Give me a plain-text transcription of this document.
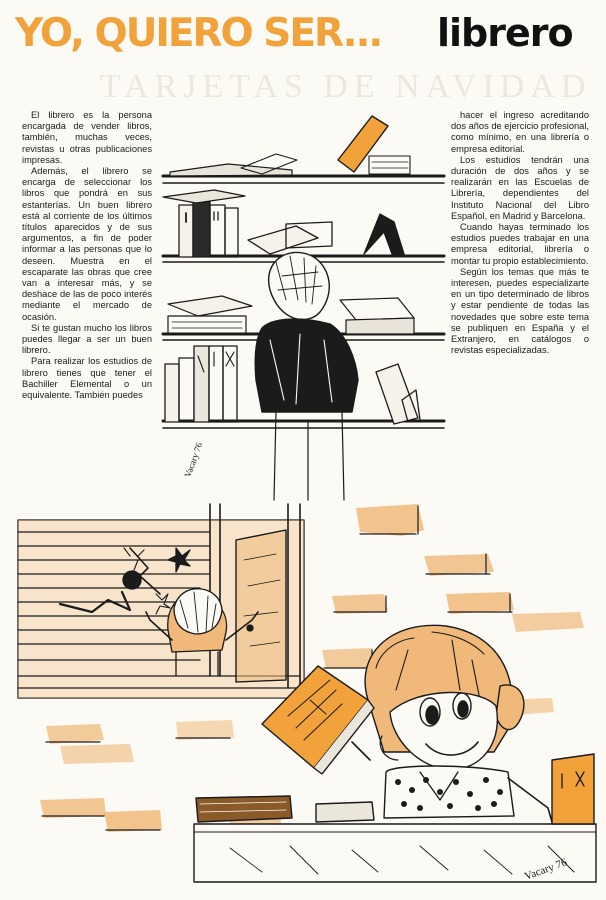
TARJETAS DE NAVIDAD
YO, QUIERO SER... librero

El librero es la persona encargada de vender libros, también, muchas veces, revistas u otras publicaciones impresas.

Además, el librero se encarga de seleccionar los libros que pondrá en sus estanterías. Un buen librero está al corriente de los últimos títulos aparecidos y de sus argumentos, a fin de poder informar a las personas que lo deseen. Muestra en el escaparate las obras que cree van a interesar más, y se deshace de las de poco interés mediante el mercado de ocasión.

Si te gustan mucho los libros puedes llegar a ser un buen librero.

Para realizar los estudios de librero tienes que tener el Bachiller Elemental o un equivalente. También puedes

hacer el ingreso acreditando dos años de ejercicio profesional, como mínimo, en una librería o empresa editorial.

Los estudios tendrán una duración de dos años y se realizarán en las Escuelas de Librería, dependientes del Instituto Nacional del Libro Español, en Madrid y Barcelona.

Cuando hayas terminado los estudios puedes trabajar en una empresa editorial, librería o montar tu propio establecimiento.

Según los temas que más te interesen, puedes especializarte en un tipo determinado de libros y estar pendiente de todas las novedades que sobre este tema se publiquen en España y el Extranjero, en catálogos o revistas especializadas.

Vacary 76
Vacary 76
